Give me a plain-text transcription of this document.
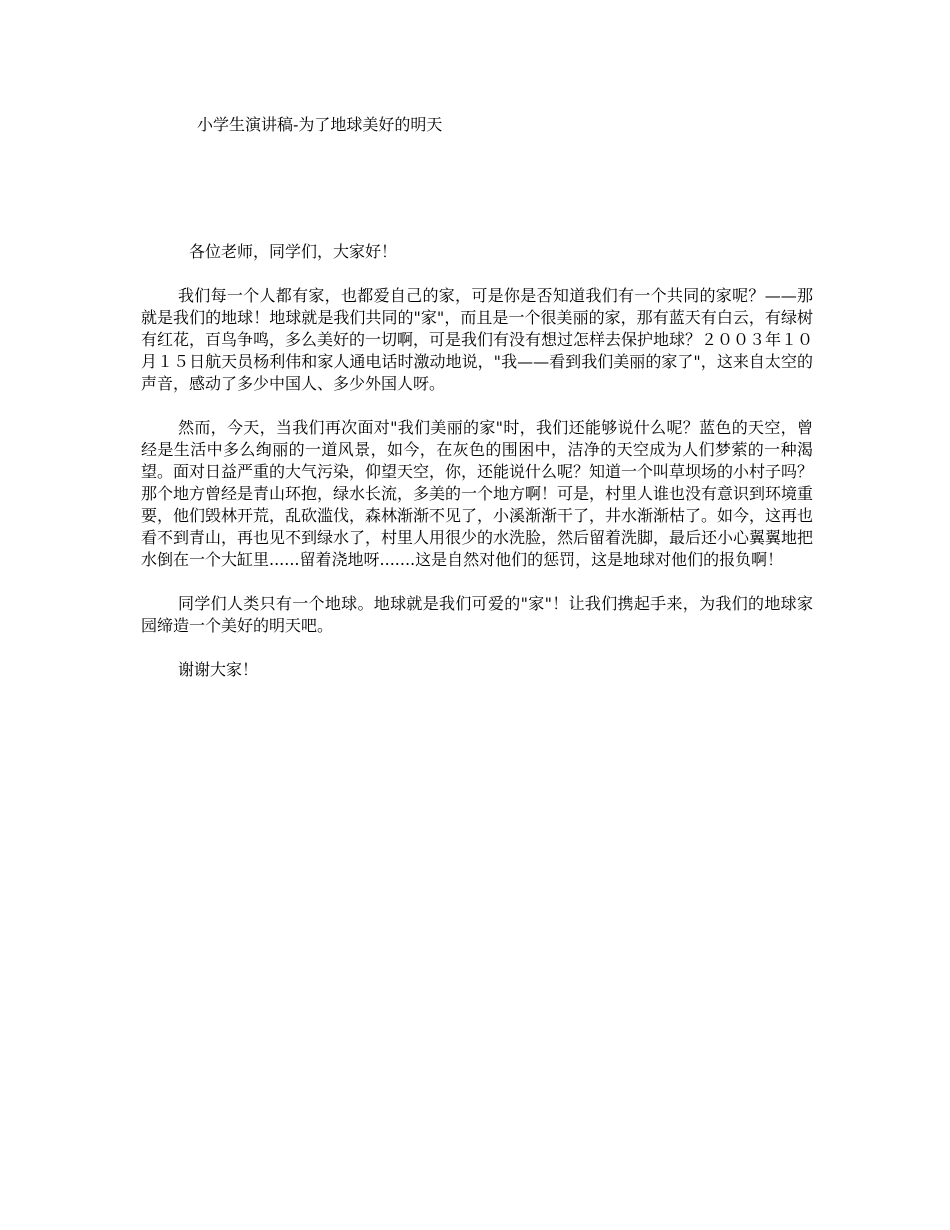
小学生演讲稿-为了地球美好的明天

各位老师，同学们，大家好！

我们每一个人都有家，也都爱自己的家，可是你是否知道我们有一个共同的家呢？——那就是我们的地球！地球就是我们共同的"家"，而且是一个很美丽的家，那有蓝天有白云，有绿树有红花，百鸟争鸣，多么美好的一切啊，可是我们有没有想过怎样去保护地球？２００３年１０月１５日航天员杨利伟和家人通电话时激动地说，"我——看到我们美丽的家了"，这来自太空的声音，感动了多少中国人、多少外国人呀。

然而，今天，当我们再次面对"我们美丽的家"时，我们还能够说什么呢？蓝色的天空，曾经是生活中多么绚丽的一道风景，如今，在灰色的围困中，洁净的天空成为人们梦萦的一种渴望。面对日益严重的大气污染，仰望天空，你，还能说什么呢？知道一个叫草坝场的小村子吗？那个地方曾经是青山环抱，绿水长流，多美的一个地方啊！可是，村里人谁也没有意识到环境重要，他们毁林开荒，乱砍滥伐，森林渐渐不见了，小溪渐渐干了，井水渐渐枯了。如今，这再也看不到青山，再也见不到绿水了，村里人用很少的水洗脸，然后留着洗脚，最后还小心翼翼地把水倒在一个大缸里......留着浇地呀.......这是自然对他们的惩罚，这是地球对他们的报负啊！

同学们人类只有一个地球。地球就是我们可爱的"家"！让我们携起手来，为我们的地球家园缔造一个美好的明天吧。

谢谢大家！
